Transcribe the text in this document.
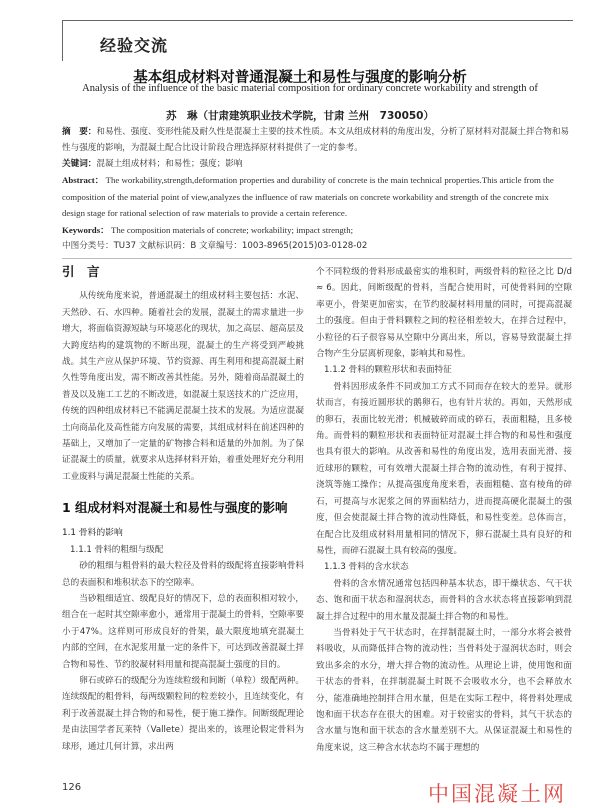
经验交流
基本组成材料对普通混凝土和易性与强度的影响分析
Analysis of the influence of the basic material composition for ordinary concrete workability and strength of
苏　琳（甘肃建筑职业技术学院，甘肃 兰州　730050）
摘　要：和易性、强度、变形性能及耐久性是混凝土主要的技术性质。本文从组成材料的角度出发，分析了原材料对混凝土拌合物和易性与强度的影响，为混凝土配合比设计阶段合理选择原材料提供了一定的参考。
关键词：混凝土组成材料；和易性；强度；影响
Abstract： The workability,strength,deformation properties and durability of concrete is the main technical properties.This article from the composition of the material point of view,analyzes the influence of raw materials on concrete workability and strength of the concrete mix design stage for rational selection of raw materials to provide a certain reference.
Keywords： The composition materials of concrete; workability; impact strength;
中图分类号：TU37 文献标识码：B 文章编号：1003-8965(2015)03-0128-02
引　言

从传统角度来说，普通混凝土的组成材料主要包括：水泥、天然砂、石、水四种。随着社会的发展，混凝土的需求量进一步增大，将面临资源短缺与环境恶化的现状，加之高层、超高层及大跨度结构的建筑物的不断出现，混凝土的生产将受到严峻挑战。其生产应从保护环境、节约资源、再生利用和提高混凝土耐久性等角度出发，需不断改善其性能。另外，随着商品混凝土的普及以及施工工艺的不断改进，如混凝土泵送技术的广泛应用，传统的四种组成材料已不能满足混凝土技术的发展。为适应混凝土向商品化及高性能方向发展的需要，其组成材料在前述四种的基础上，又增加了一定量的矿物掺合料和适量的外加剂。为了保证混凝土的质量，就要求从选择材料开始，着重处理好充分利用工业废料与满足混凝土性能的关系。

1 组成材料对混凝土和易性与强度的影响
1.1 骨料的影响
1.1.1 骨料的粗细与级配

砂的粗细与粗骨料的最大粒径及骨料的级配将直接影响骨料总的表面积和堆积状态下的空隙率。

当砂粗细适宜、级配良好的情况下，总的表面积相对较小，组合在一起时其空隙率愈小，通常用于混凝土的骨料，空隙率要小于47%。这样则可形成良好的骨架，最大限度地填充混凝土内部的空间，在水泥浆用量一定的条件下，可达到改善混凝土拌合物和易性、节约胶凝材料用量和提高混凝土强度的目的。

卵石或碎石的级配分为连续粒级和间断（单粒）级配两种。连续级配的粗骨料，每两级颗粒间的粒差较小，且连续变化，有利于改善混凝土拌合物的和易性，便于施工操作。间断级配理论是由法国学者瓦莱特（Vallete）提出来的，该理论假定骨料为球形，通过几何计算，求出两

个不同粒级的骨料形成最密实的堆积时，两级骨料的粒径之比 D/d ≈ 6。因此，间断级配的骨料，当配合使用时，可使骨料间的空隙率更小，骨架更加密实，在节约胶凝材料用量的同时，可提高混凝土的强度。但由于骨料颗粒之间的粒径相差较大，在拌合过程中，小粒径的石子很容易从空隙中分离出来，所以，容易导致混凝土拌合物产生分层离析现象，影响其和易性。

1.1.2 骨料的颗粒形状和表面特征

骨料因形成条件不同或加工方式不同而存在较大的差异。就形状而言，有接近圆形状的鹅卵石，也有针片状的。再如，天然形成的卵石，表面比较光滑；机械破碎而成的碎石，表面粗糙，且多棱角。而骨料的颗粒形状和表面特征对混凝土拌合物的和易性和强度也具有很大的影响。从改善和易性的角度出发，选用表面光滑、接近球形的颗粒，可有效增大混凝土拌合物的流动性，有利于搅拌、浇筑等施工操作；从提高强度角度来看，表面粗糙、富有棱角的碎石，可提高与水泥浆之间的界面粘结力，进而提高硬化混凝土的强度，但会使混凝土拌合物的流动性降低，和易性变差。总体而言，在配合比及组成材料用量相同的情况下，卵石混凝土具有良好的和易性，而碎石混凝土具有较高的强度。

1.1.3 骨料的含水状态

骨料的含水情况通常包括四种基本状态，即干燥状态、气干状态、饱和面干状态和湿润状态，而骨料的含水状态将直接影响到混凝土拌合过程中的用水量及混凝土拌合物的和易性。

当骨料处于气干状态时，在拌制混凝土时，一部分水将会被骨料吸收，从而降低拌合物的流动性；当骨料处于湿润状态时，则会致出多余的水分，增大拌合物的流动性。从理论上讲，使用饱和面干状态的骨料，在拌制混凝土时既不会吸收水分，也不会释放水分，能准确地控制拌合用水量，但是在实际工程中，将骨料处理成饱和面干状态存在很大的困难。对于较密实的骨料，其气干状态的含水量与饱和面干状态的含水量差别不大。从保证混凝土和易性的角度来说，这三种含水状态均不属于理想的

126	中国混凝土网
